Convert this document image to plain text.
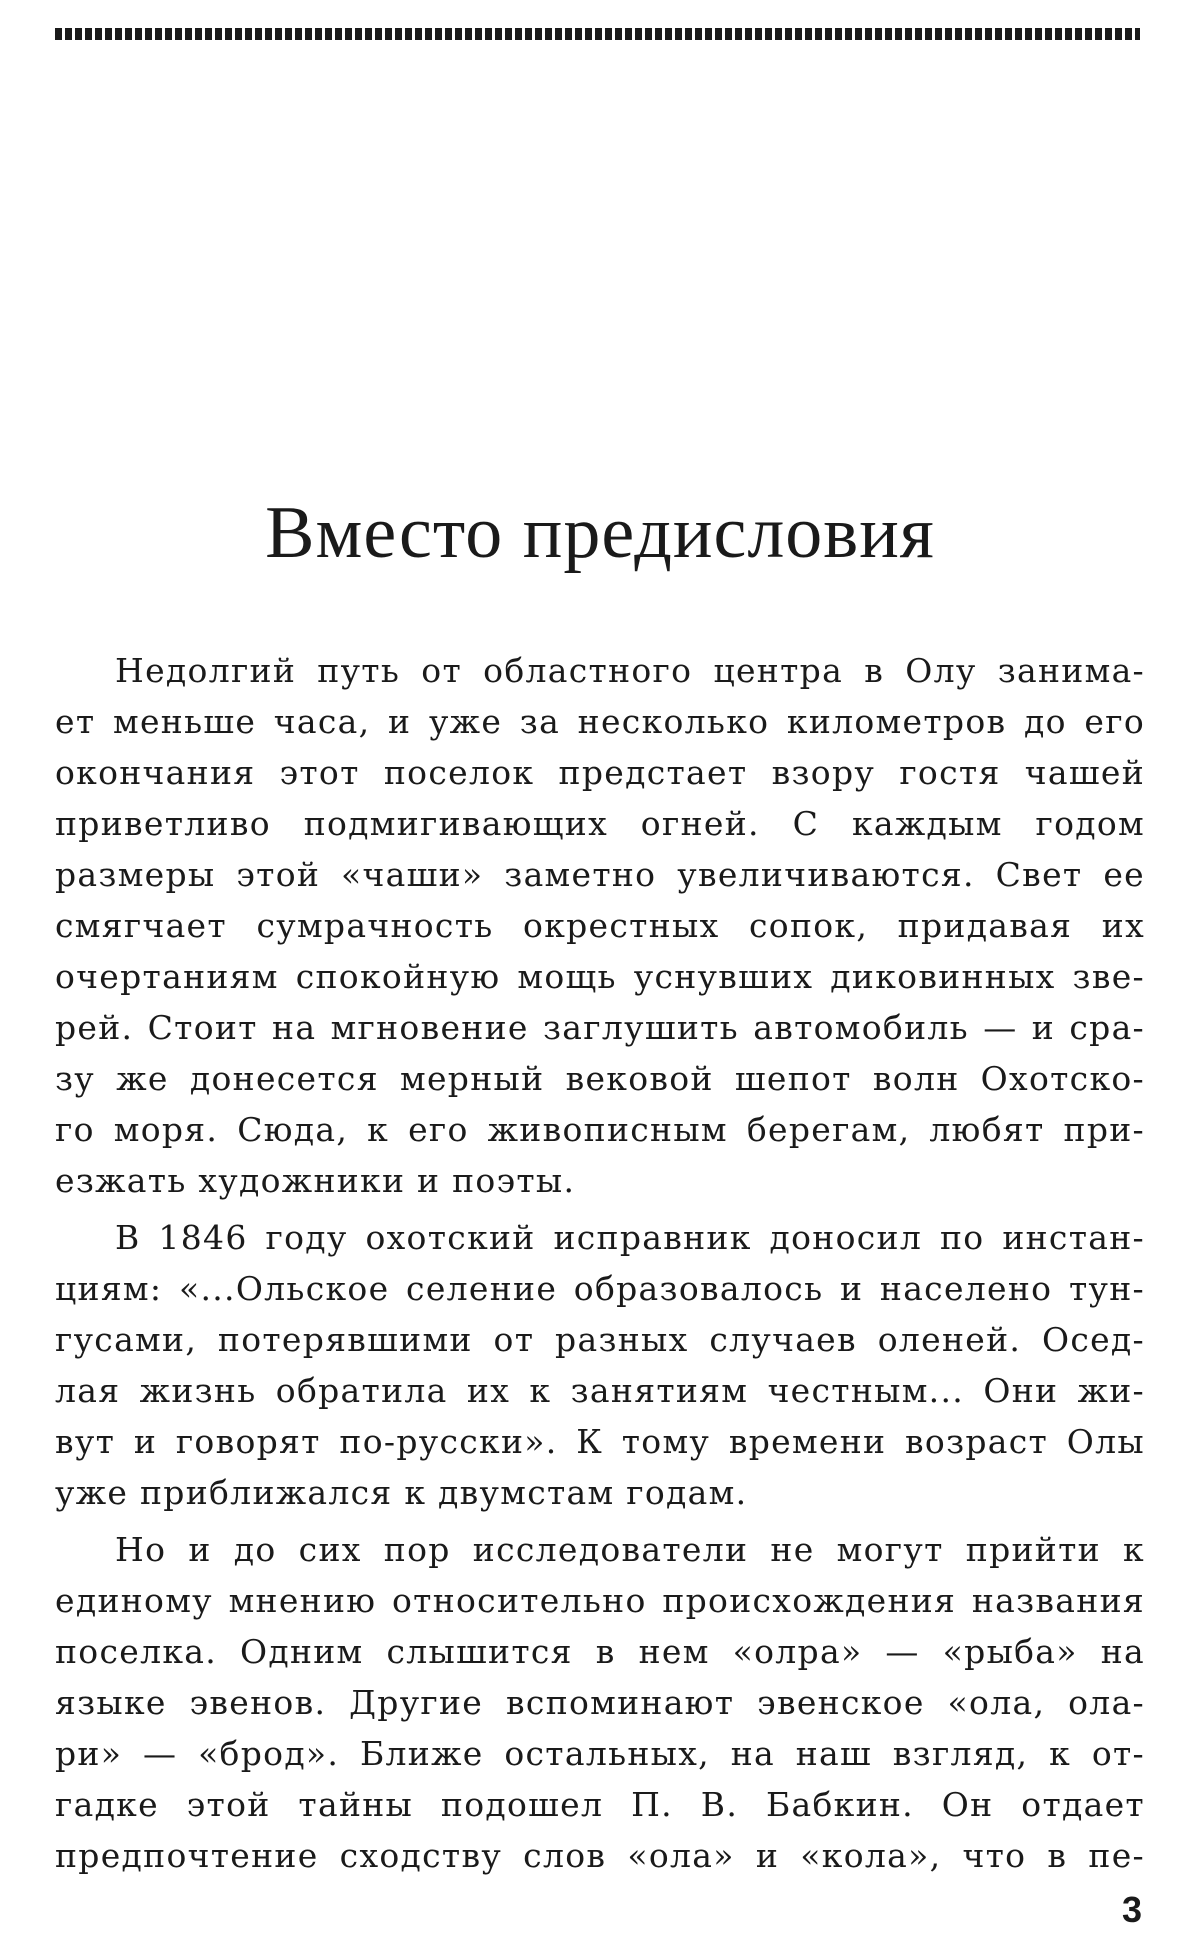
Вместо предисловия

Недолгий путь от областного центра в Олу занима-
ет меньше часа, и уже за несколько километров до его
окончания этот поселок предстает взору гостя чашей
приветливо подмигивающих огней. С каждым годом
размеры этой «чаши» заметно увеличиваются. Свет ее
смягчает сумрачность окрестных сопок, придавая их
очертаниям спокойную мощь уснувших диковинных зве-
рей. Стоит на мгновение заглушить автомобиль — и сра-
зу же донесется мерный вековой шепот волн Охотско-
го моря. Сюда, к его живописным берегам, любят при-
езжать художники и поэты.

В 1846 году охотский исправник доносил по инстан-
циям: «...Ольское селение образовалось и населено тун-
гусами, потерявшими от разных случаев оленей. Осед-
лая жизнь обратила их к занятиям честным... Они жи-
вут и говорят по-русски». К тому времени возраст Олы
уже приближался к двумстам годам.

Но и до сих пор исследователи не могут прийти к
единому мнению относительно происхождения названия
поселка. Одним слышится в нем «олра» — «рыба» на
языке эвенов. Другие вспоминают эвенское «ола, ола-
ри» — «брод». Ближе остальных, на наш взгляд, к от-
гадке этой тайны подошел П. В. Бабкин. Он отдает
предпочтение сходству слов «ола» и «кола», что в пе-

3
